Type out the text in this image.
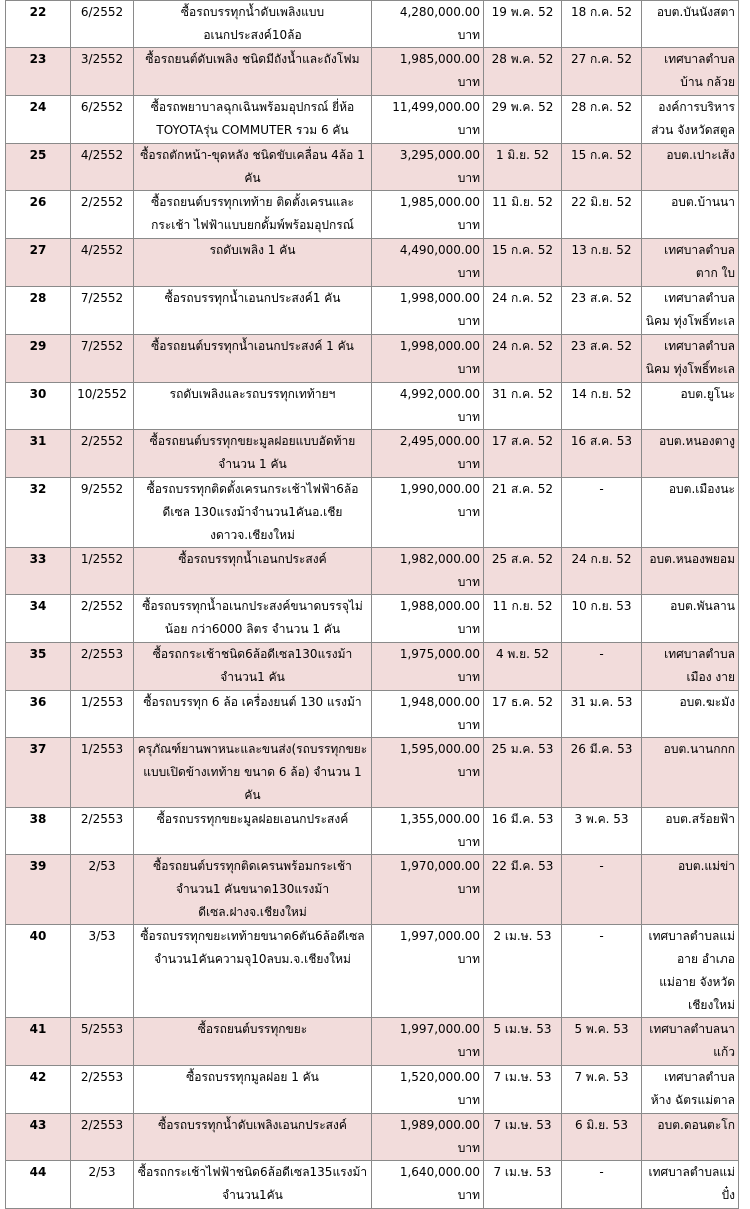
22	6/2552	ซื้อรถบรรทุกน้ำดับเพลิงแบบอเนกประสงค์10ล้อ	4,280,000.00 บาท	19 พ.ค. 52	18 ก.ค. 52	อบต.บันนังสตา
23	3/2552	ซื้อรถยนต์ดับเพลิง ชนิดมีถังน้ำและถังโฟม	1,985,000.00 บาท	28 พ.ค. 52	27 ก.ค. 52	เทศบาลตำบลบ้าน กล้วย
24	6/2552	ซื้อรถพยาบาลฉุกเฉินพร้อมอุปกรณ์ ยี่ห้อ TOYOTAรุ่น COMMUTER รวม 6 คัน	11,499,000.00 บาท	29 พ.ค. 52	28 ก.ค. 52	องค์การบริหารส่วน จังหวัดสตูล
25	4/2552	ซื้อรถตักหน้า-ขุดหลัง ชนิดขับเคลื่อน 4ล้อ 1 คัน	3,295,000.00 บาท	1 มิ.ย. 52	15 ก.ค. 52	อบต.เปาะเส้ง
26	2/2552	ซื้อรถยนต์บรรทุกเทท้าย ติดตั้งเครนและกระเช้า ไฟฟ้าแบบยกดั้มพ์พร้อมอุปกรณ์	1,985,000.00 บาท	11 มิ.ย. 52	22 มิ.ย. 52	อบต.บ้านนา
27	4/2552	รถดับเพลิง 1 คัน	4,490,000.00 บาท	15 ก.ค. 52	13 ก.ย. 52	เทศบาลตำบลตาก ใบ
28	7/2552	ซื้อรถบรรทุกน้ำเอนกประสงค์1 คัน	1,998,000.00 บาท	24 ก.ค. 52	23 ส.ค. 52	เทศบาลตำบลนิคม ทุ่งโพธิ์ทะเล
29	7/2552	ซื้อรถยนต์บรรทุกน้ำเอนกประสงค์ 1 คัน	1,998,000.00 บาท	24 ก.ค. 52	23 ส.ค. 52	เทศบาลตำบลนิคม ทุ่งโพธิ์ทะเล
30	10/2552	รถดับเพลิงและรถบรรทุกเทท้ายฯ	4,992,000.00 บาท	31 ก.ค. 52	14 ก.ย. 52	อบต.ยูโนะ
31	2/2552	ซื้อรถยนต์บรรทุกขยะมูลฝอยแบบอัดท้าย จำนวน 1 คัน	2,495,000.00 บาท	17 ส.ค. 52	16 ส.ค. 53	อบต.หนองตางู
32	9/2552	ซื้อรถบรรทุกติดตั้งเครนกระเช้าไฟฟ้า6ล้อดีเซล 130แรงม้าจำนวน1คันอ.เชียงดาวจ.เชียงใหม่	1,990,000.00 บาท	21 ส.ค. 52	-	อบต.เมืองนะ
33	1/2552	ซื้อรถบรรทุกน้ำเอนกประสงค์	1,982,000.00 บาท	25 ส.ค. 52	24 ก.ย. 52	อบต.หนองพยอม
34	2/2552	ซื้อรถบรรทุกน้ำอเนกประสงค์ขนาดบรรจุไม่น้อย กว่า6000 ลิตร จำนวน 1 คัน	1,988,000.00 บาท	11 ก.ย. 52	10 ก.ย. 53	อบต.พันลาน
35	2/2553	ซื้อรถกระเช้าชนิด6ล้อดีเซล130แรงม้าจำนวน1 คัน	1,975,000.00 บาท	4 พ.ย. 52	-	เทศบาลตำบลเมือง งาย
36	1/2553	ซื้อรถบรรทุก 6 ล้อ เครื่องยนต์ 130 แรงม้า	1,948,000.00 บาท	17 ธ.ค. 52	31 ม.ค. 53	อบต.ฆะมัง
37	1/2553	ครุภัณฑ์ยานพาหนะและขนส่ง(รถบรรทุกขยะ แบบเปิดข้างเทท้าย ขนาด 6 ล้อ) จำนวน 1 คัน	1,595,000.00 บาท	25 ม.ค. 53	26 มี.ค. 53	อบต.นานกกก
38	2/2553	ซื้อรถบรรทุกขยะมูลฝอยเอนกประสงค์	1,355,000.00 บาท	16 มี.ค. 53	3 พ.ค. 53	อบต.สร้อยฟ้า
39	2/53	ซื้อรถยนต์บรรทุกติดเครนพร้อมกระเช้าจำนวน1 คันขนาด130แรงม้าดีเซล.ฝางจ.เชียงใหม่	1,970,000.00 บาท	22 มี.ค. 53	-	อบต.แม่ข่า
40	3/53	ซื้อรถบรรทุกขยะเทท้ายขนาด6ตัน6ล้อดีเซล จำนวน1คันความจุ10ลบม.จ.เชียงใหม่	1,997,000.00 บาท	2 เม.ษ. 53	-	เทศบาลตำบลแม่ อาย อำเภอแม่อาย จังหวัดเชียงใหม่
41	5/2553	ซื้อรถยนต์บรรทุกขยะ	1,997,000.00 บาท	5 เม.ษ. 53	5 พ.ค. 53	เทศบาลตำบลนา แก้ว
42	2/2553	ซื้อรถบรรทุกมูลฝอย 1 คัน	1,520,000.00 บาท	7 เม.ษ. 53	7 พ.ค. 53	เทศบาลตำบลห้าง ฉัตรแม่ตาล
43	2/2553	ซื้อรถบรรทุกน้ำดับเพลิงเอนกประสงค์	1,989,000.00 บาท	7 เม.ษ. 53	6 มิ.ย. 53	อบต.ดอนตะโก
44	2/53	ซื้อรถกระเช้าไฟฟ้าชนิด6ล้อดีเซล135แรงม้า จำนวน1คัน	1,640,000.00 บาท	7 เม.ษ. 53	-	เทศบาลตำบลแม่ปั๋ง
